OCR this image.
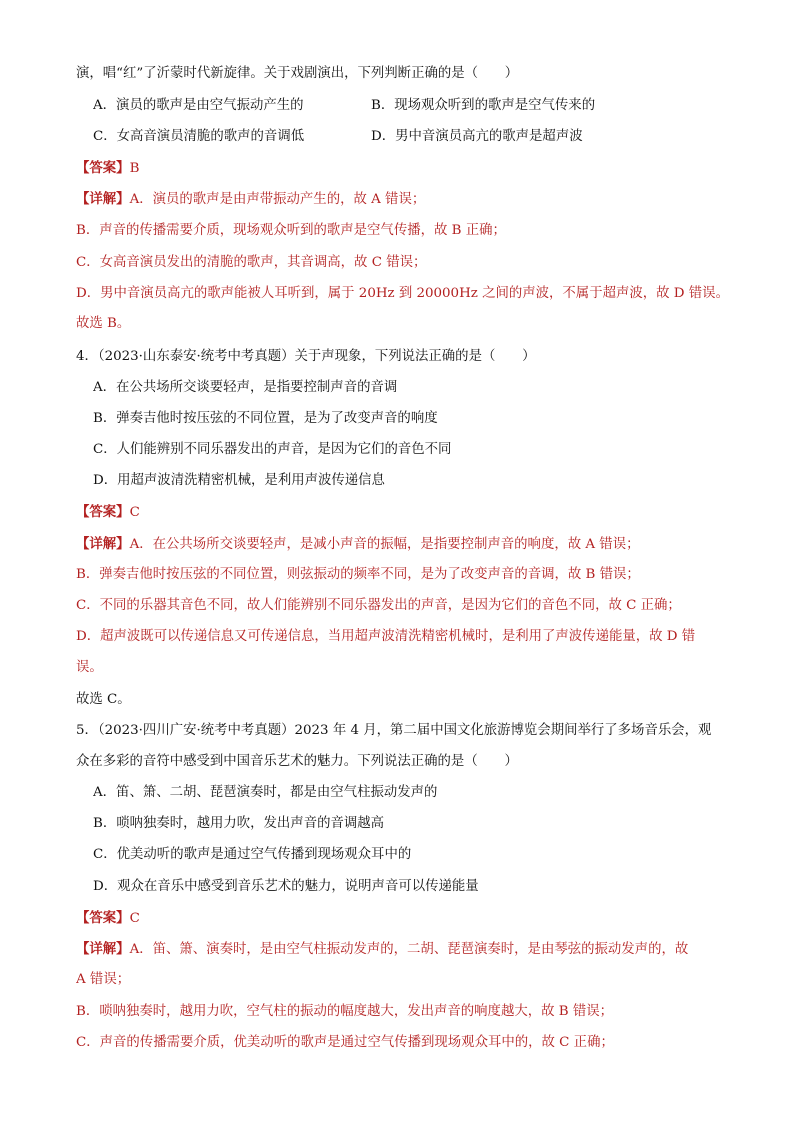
演，唱“红”了沂蒙时代新旋律。关于戏剧演出，下列判断正确的是（　　）
A．演员的歌声是由空气振动产生的	B．现场观众听到的歌声是空气传来的
C．女高音演员清脆的歌声的音调低	D．男中音演员高亢的歌声是超声波
【答案】B
【详解】A．演员的歌声是由声带振动产生的，故 A 错误；
B．声音的传播需要介质，现场观众听到的歌声是空气传播，故 B 正确；
C．女高音演员发出的清脆的歌声，其音调高，故 C 错误；
D．男中音演员高亢的歌声能被人耳听到，属于 20Hz 到 20000Hz 之间的声波，不属于超声波，故 D 错误。
故选 B。
4．（2023·山东泰安·统考中考真题）关于声现象，下列说法正确的是（　　）
A．在公共场所交谈要轻声，是指要控制声音的音调
B．弹奏吉他时按压弦的不同位置，是为了改变声音的响度
C．人们能辨别不同乐器发出的声音，是因为它们的音色不同
D．用超声波清洗精密机械，是利用声波传递信息
【答案】C
【详解】A．在公共场所交谈要轻声，是减小声音的振幅，是指要控制声音的响度，故 A 错误；
B．弹奏吉他时按压弦的不同位置，则弦振动的频率不同，是为了改变声音的音调，故 B 错误；
C．不同的乐器其音色不同，故人们能辨别不同乐器发出的声音，是因为它们的音色不同，故 C 正确；
D．超声波既可以传递信息又可传递信息，当用超声波清洗精密机械时，是利用了声波传递能量，故 D 错
误。
故选 C。
5．（2023·四川广安·统考中考真题）2023 年 4 月，第二届中国文化旅游博览会期间举行了多场音乐会，观
众在多彩的音符中感受到中国音乐艺术的魅力。下列说法正确的是（　　）
A．笛、箫、二胡、琵琶演奏时，都是由空气柱振动发声的
B．唢呐独奏时，越用力吹，发出声音的音调越高
C．优美动听的歌声是通过空气传播到现场观众耳中的
D．观众在音乐中感受到音乐艺术的魅力，说明声音可以传递能量
【答案】C
【详解】A．笛、箫、演奏时，是由空气柱振动发声的，二胡、琵琶演奏时，是由琴弦的振动发声的，故
A 错误；
B．唢呐独奏时，越用力吹，空气柱的振动的幅度越大，发出声音的响度越大，故 B 错误；
C．声音的传播需要介质，优美动听的歌声是通过空气传播到现场观众耳中的，故 C 正确；
